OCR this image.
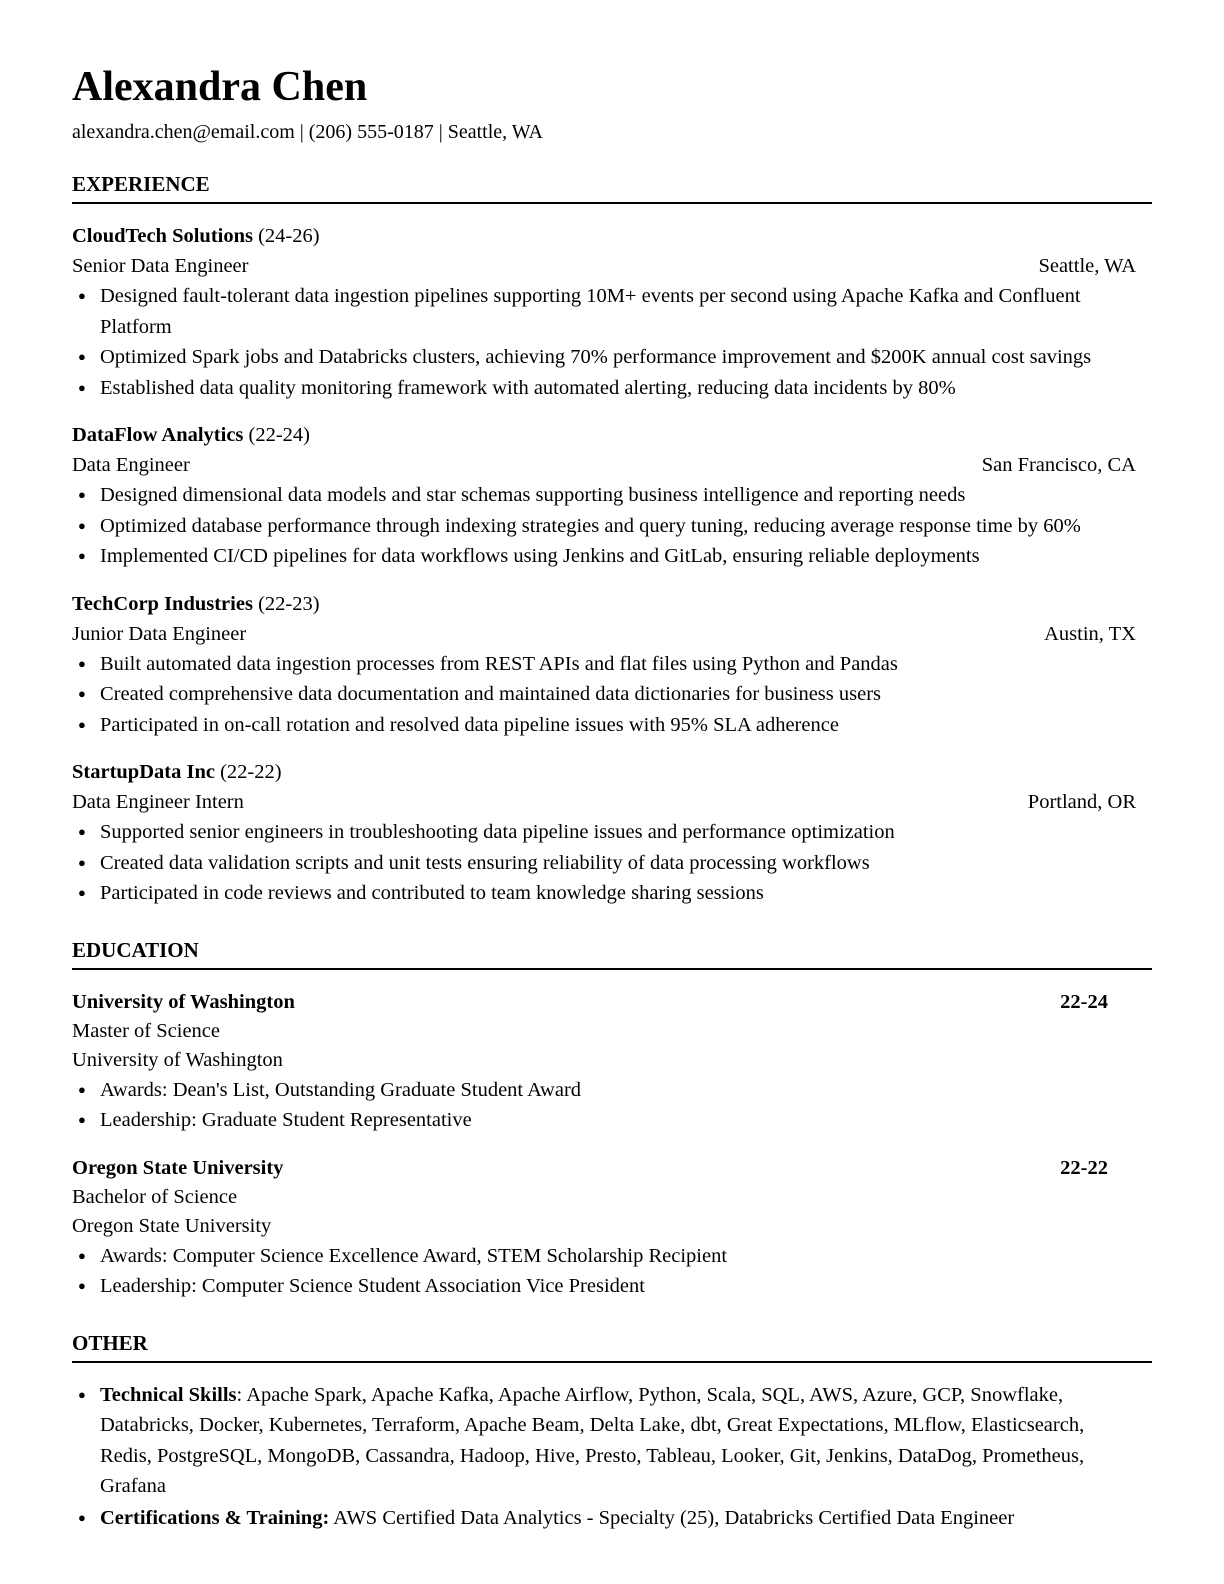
Alexandra Chen
alexandra.chen@email.com | (206) 555-0187 | Seattle, WA
EXPERIENCE
CloudTech Solutions (24-26)
Senior Data Engineer	Seattle, WA
● Designed fault-tolerant data ingestion pipelines supporting 10M+ events per second using Apache Kafka and Confluent Platform
● Optimized Spark jobs and Databricks clusters, achieving 70% performance improvement and $200K annual cost savings
● Established data quality monitoring framework with automated alerting, reducing data incidents by 80%
DataFlow Analytics (22-24)
Data Engineer	San Francisco, CA
● Designed dimensional data models and star schemas supporting business intelligence and reporting needs
● Optimized database performance through indexing strategies and query tuning, reducing average response time by 60%
● Implemented CI/CD pipelines for data workflows using Jenkins and GitLab, ensuring reliable deployments
TechCorp Industries (22-23)
Junior Data Engineer	Austin, TX
● Built automated data ingestion processes from REST APIs and flat files using Python and Pandas
● Created comprehensive data documentation and maintained data dictionaries for business users
● Participated in on-call rotation and resolved data pipeline issues with 95% SLA adherence
StartupData Inc (22-22)
Data Engineer Intern	Portland, OR
● Supported senior engineers in troubleshooting data pipeline issues and performance optimization
● Created data validation scripts and unit tests ensuring reliability of data processing workflows
● Participated in code reviews and contributed to team knowledge sharing sessions
EDUCATION
University of Washington	22-24
Master of Science
University of Washington
● Awards: Dean's List, Outstanding Graduate Student Award
● Leadership: Graduate Student Representative
Oregon State University	22-22
Bachelor of Science
Oregon State University
● Awards: Computer Science Excellence Award, STEM Scholarship Recipient
● Leadership: Computer Science Student Association Vice President
OTHER
● Technical Skills: Apache Spark, Apache Kafka, Apache Airflow, Python, Scala, SQL, AWS, Azure, GCP, Snowflake, Databricks, Docker, Kubernetes, Terraform, Apache Beam, Delta Lake, dbt, Great Expectations, MLflow, Elasticsearch, Redis, PostgreSQL, MongoDB, Cassandra, Hadoop, Hive, Presto, Tableau, Looker, Git, Jenkins, DataDog, Prometheus, Grafana
● Certifications & Training: AWS Certified Data Analytics - Specialty (25), Databricks Certified Data Engineer
